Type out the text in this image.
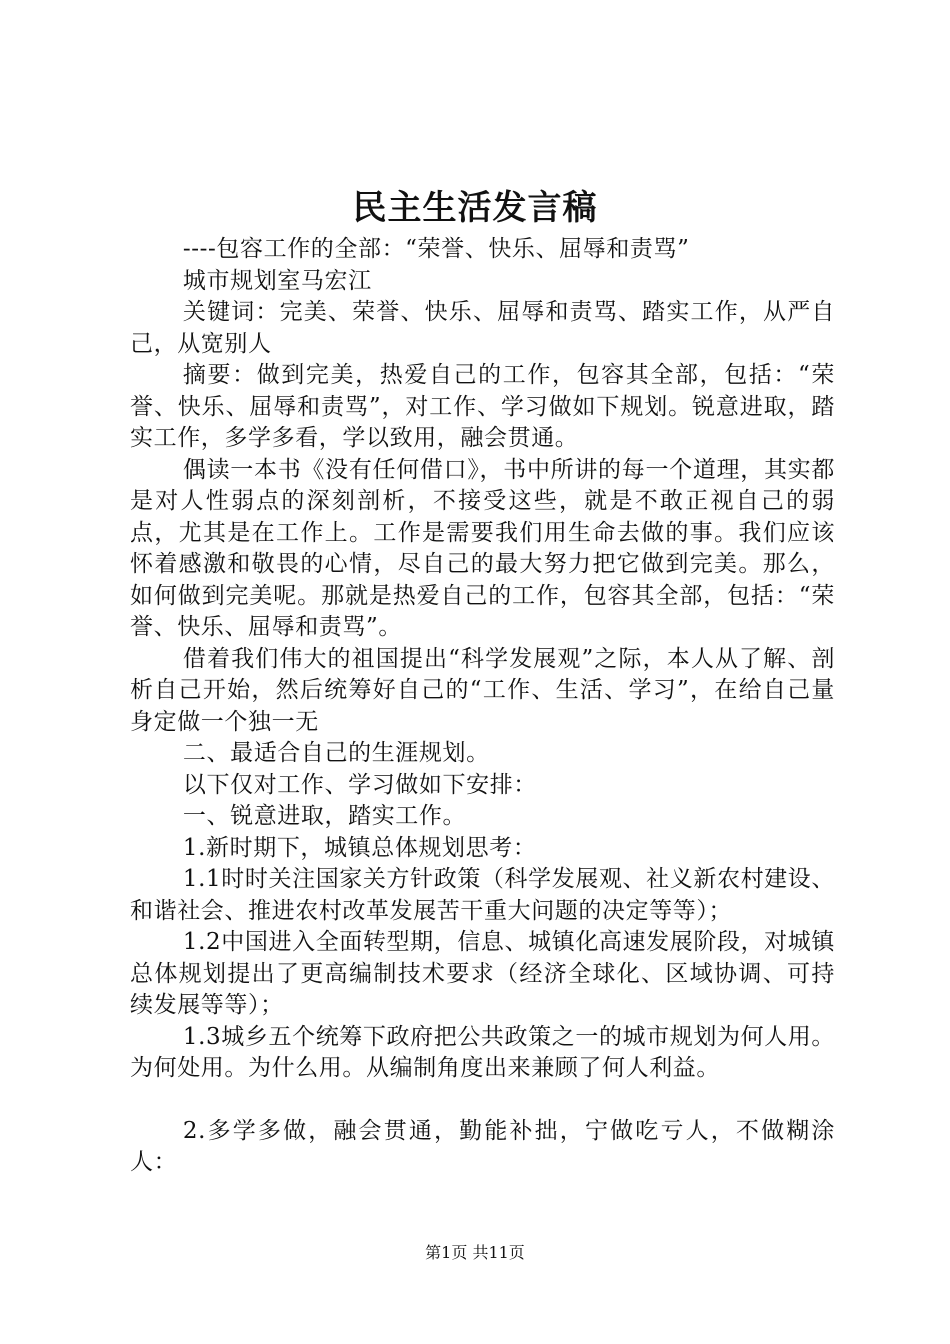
民主生活发言稿

----包容工作的全部：“荣誉、快乐、屈辱和责骂”

城市规划室马宏江

关键词：完美、荣誉、快乐、屈辱和责骂、踏实工作，从严自己，从宽别人

摘要：做到完美，热爱自己的工作，包容其全部，包括：“荣誉、快乐、屈辱和责骂”，对工作、学习做如下规划。锐意进取，踏实工作，多学多看，学以致用，融会贯通。

偶读一本书《没有任何借口》，书中所讲的每一个道理，其实都是对人性弱点的深刻剖析，不接受这些，就是不敢正视自己的弱点，尤其是在工作上。工作是需要我们用生命去做的事。我们应该怀着感激和敬畏的心情，尽自己的最大努力把它做到完美。那么，如何做到完美呢。那就是热爱自己的工作，包容其全部，包括：“荣誉、快乐、屈辱和责骂”。

借着我们伟大的祖国提出“科学发展观”之际，本人从了解、剖析自己开始，然后统筹好自己的“工作、生活、学习”，在给自己量身定做一个独一无

二、最适合自己的生涯规划。

以下仅对工作、学习做如下安排：

一、锐意进取，踏实工作。

1.新时期下，城镇总体规划思考：

1.1时时关注国家关方针政策（科学发展观、社义新农村建设、和谐社会、推进农村改革发展苦干重大问题的决定等等）；

1.2中国进入全面转型期，信息、城镇化高速发展阶段，对城镇总体规划提出了更高编制技术要求（经济全球化、区域协调、可持续发展等等）；

1.3城乡五个统筹下政府把公共政策之一的城市规划为何人用。为何处用。为什么用。从编制角度出来兼顾了何人利益。

2.多学多做，融会贯通，勤能补拙，宁做吃亏人，不做糊涂人：

第1页 共11页
